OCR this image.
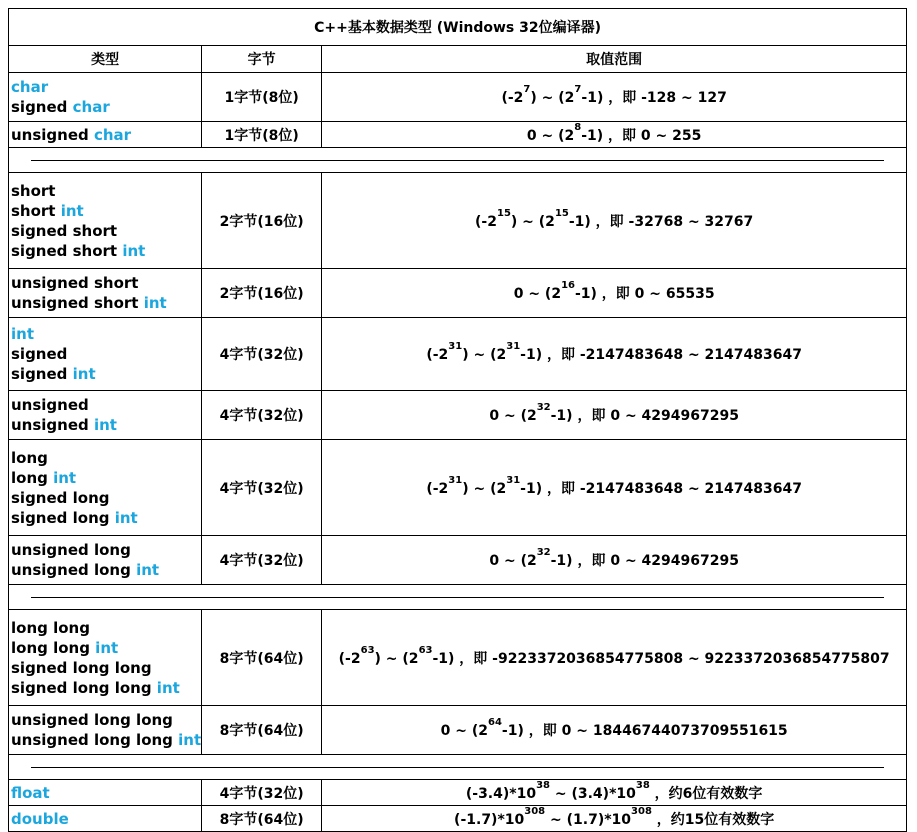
C++基本数据类型 (Windows 32位编译器)		
类型	字节	取值范围

char
signed char	1字节(8位)	$(-2^7)$ ~ $(2^7-1)$ ，即 -128 ~ 127

unsigned char	1字节(8位)	0 ~ $(2^8-1)$ ，即 0 ~ 255

short
short int
signed short
signed short int	2字节(16位)	$(-2^{15})$ ~ $(2^{15}-1)$ ，即 -32768 ~ 32767

unsigned short
unsigned short int	2字节(16位)	0 ~ $(2^{16}-1)$ ，即 0 ~ 65535

int
signed
signed int	4字节(32位)	$(-2^{31})$ ~ $(2^{31}-1)$ ，即 -2147483648 ~ 2147483647

unsigned
unsigned int	4字节(32位)	0 ~ $(2^{32}-1)$ ，即 0 ~ 4294967295

long
long int
signed long
signed long int	4字节(32位)	$(-2^{31})$ ~ $(2^{31}-1)$ ，即 -2147483648 ~ 2147483647

unsigned long
unsigned long int	4字节(32位)	0 ~ $(2^{32}-1)$ ，即 0 ~ 4294967295

long long
long long int
signed long long
signed long long int	8字节(64位)	$(-2^{63})$ ~ $(2^{63}-1)$ ，即 -9223372036854775808 ~ 9223372036854775807

unsigned long long
unsigned long long int	8字节(64位)	0 ~ $(2^{64}-1)$ ，即 0 ~ 18446744073709551615

float	4字节(32位)	$(-3.4)*10^{38}$ ~ $(3.4)*10^{38}$ ，约6位有效数字

double	8字节(64位)	$(-1.7)*10^{308}$ ~ $(1.7)*10^{308}$ ，约15位有效数字
